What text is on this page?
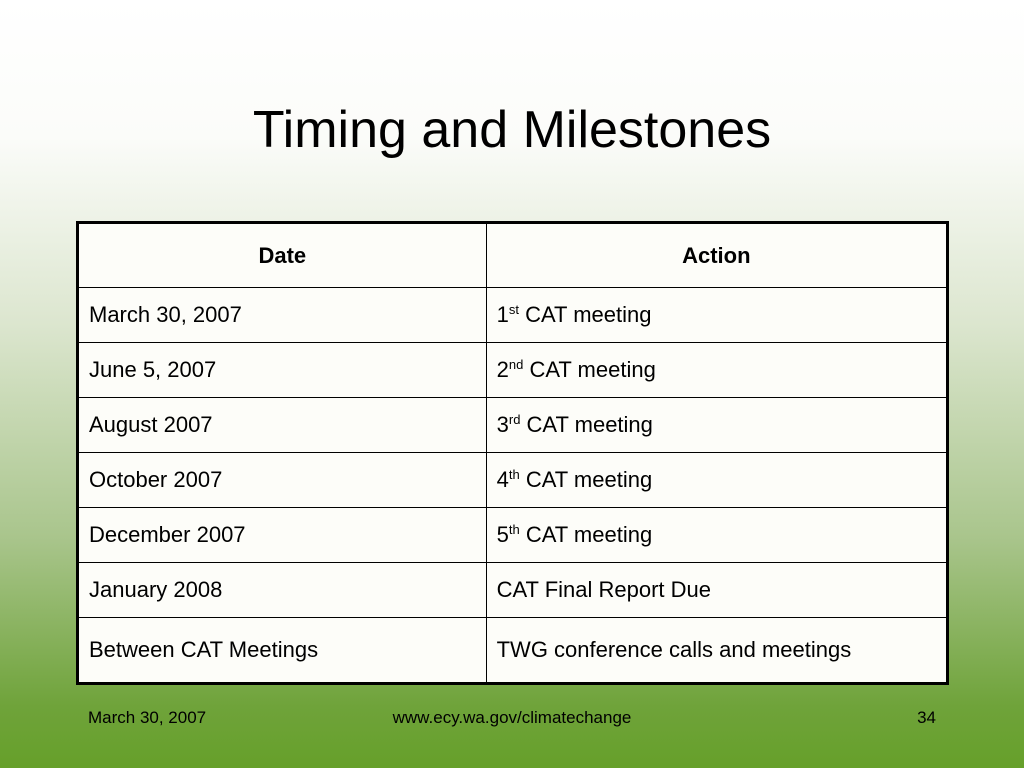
Timing and Milestones
Date	Action
March 30, 2007	1st CAT meeting
June 5, 2007	2nd CAT meeting
August 2007	3rd CAT meeting
October 2007	4th CAT meeting
December 2007	5th CAT meeting
January 2008	CAT Final Report Due
Between CAT Meetings	TWG conference calls and meetings
March 30, 2007	www.ecy.wa.gov/climatechange	34
